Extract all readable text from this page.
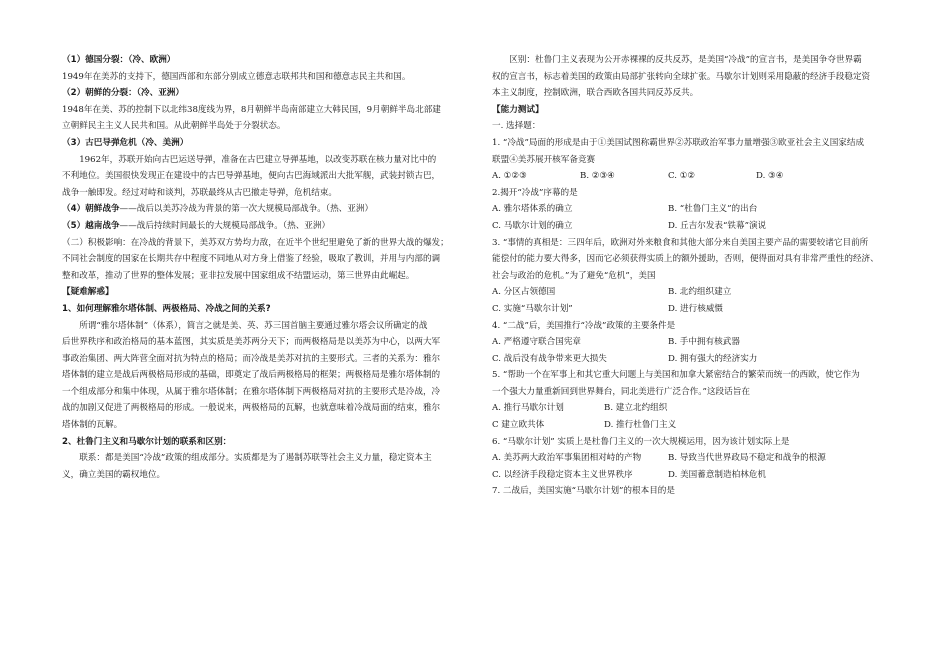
（1）德国分裂：（冷、欧洲）

1949年在美苏的支持下，德国西部和东部分别成立德意志联邦共和国和德意志民主共和国。

（2）朝鲜的分裂：（冷、亚洲）

1948年在美、苏的控制下以北纬38度线为界，8月朝鲜半岛南部建立大韩民国，9月朝鲜半岛北部建

立朝鲜民主主义人民共和国。从此朝鲜半岛处于分裂状态。

（3）古巴导弹危机（冷、美洲）

1962年，苏联开始向古巴运送导弹，准备在古巴建立导弹基地，以改变苏联在核力量对比中的

不利地位。美国很快发现正在建设中的古巴导弹基地，便向古巴海域派出大批军舰，武装封锁古巴，

战争一触即发。经过对峙和谈判，苏联最终从古巴撤走导弹，危机结束。

（4）朝鲜战争——战后以美苏冷战为背景的第一次大规模局部战争。（热、亚洲）

（5）越南战争——战后持续时间最长的大规模局部战争。（热、亚洲）

（二）积极影响：在冷战的背景下，美苏双方势均力敌，在近半个世纪里避免了新的世界大战的爆发；

不同社会制度的国家在长期共存中程度不同地从对方身上借鉴了经验，吸取了教训，并用与内部的调

整和改革，推动了世界的整体发展；亚非拉发展中国家组成不结盟运动，第三世界由此崛起。

【疑难解惑】

1、如何理解雅尔塔体制、两极格局、冷战之间的关系?

所谓“雅尔塔体制”（体系），简言之就是美、英、苏三国首脑主要通过雅尔塔会议所确定的战

后世界秩序和政治格局的基本蓝图，其实质是美苏两分天下；而两极格局是以美苏为中心，以两大军

事政治集团、两大阵营全面对抗为特点的格局；而冷战是美苏对抗的主要形式。三者的关系为：雅尔

塔体制的建立是战后两极格局形成的基础，即奠定了战后两极格局的框架；两极格局是雅尔塔体制的

一个组成部分和集中体现，从属于雅尔塔体制；在雅尔塔体制下两极格局对抗的主要形式是冷战，冷

战的加剧又促进了两极格局的形成。一般说来，两极格局的瓦解，也就意味着冷战局面的结束，雅尔

塔体制的瓦解。

2、杜鲁门主义和马歇尔计划的联系和区别：

联系：都是美国“冷战”政策的组成部分。实质都是为了遏制苏联等社会主义力量，稳定资本主

义，确立美国的霸权地位。

区别：杜鲁门主义表现为公开赤裸裸的反共反苏，是美国“冷战”的宣言书，是美国争夺世界霸

权的宣言书，标志着美国的政策由局部扩张转向全球扩张。马歇尔计划则采用隐蔽的经济手段稳定资

本主义制度，控制欧洲，联合西欧各国共同反苏反共。

【能力测试】

一. 选择题：

1. “冷战”局面的形成是由于①美国试图称霸世界②苏联政治军事力量增强③欧亚社会主义国家结成

联盟④美苏展开核军备竞赛

A. ①②③	B. ②③④	C. ①②	D. ③④

2.揭开“冷战”序幕的是

A. 雅尔塔体系的确立	B. “杜鲁门主义”的出台
C. 马歇尔计划的确立	D. 丘吉尔发表“铁幕”演说

3. “事情的真相是：三四年后，欧洲对外来粮食和其他大部分来自美国主要产品的需要较诸它目前所

能偿付的能力要大得多，因而它必须获得实质上的额外援助，否则，便得面对具有非常严重性的经济、

社会与政治的危机。”为了避免“危机”，美国

A. 分区占领德国	B. 北约组织建立
C. 实施“马歇尔计划”	D. 进行核威慑

4. “二战”后，美国推行“冷战”政策的主要条件是

A. 严格遵守联合国宪章	B. 手中拥有核武器
C. 战后没有战争带来更大损失	D. 拥有强大的经济实力

5. “帮助一个在军事上和其它重大问题上与美国和加拿大紧密结合的繁荣而统一的西欧，使它作为

一个强大力量重新回到世界舞台，同北美进行广泛合作。”这段话旨在

A. 推行马歇尔计划	B. 建立北约组织
C 建立欧共体	D. 推行杜鲁门主义

6. “马歇尔计划” 实质上是杜鲁门主义的一次大规模运用，因为该计划实际上是

A. 美苏两大政治军事集团相对峙的产物	B. 导致当代世界政局不稳定和战争的根源
C. 以经济手段稳定资本主义世界秩序	D. 美国蓄意制造柏林危机

7. 二战后，美国实施“马歇尔计划”的根本目的是
